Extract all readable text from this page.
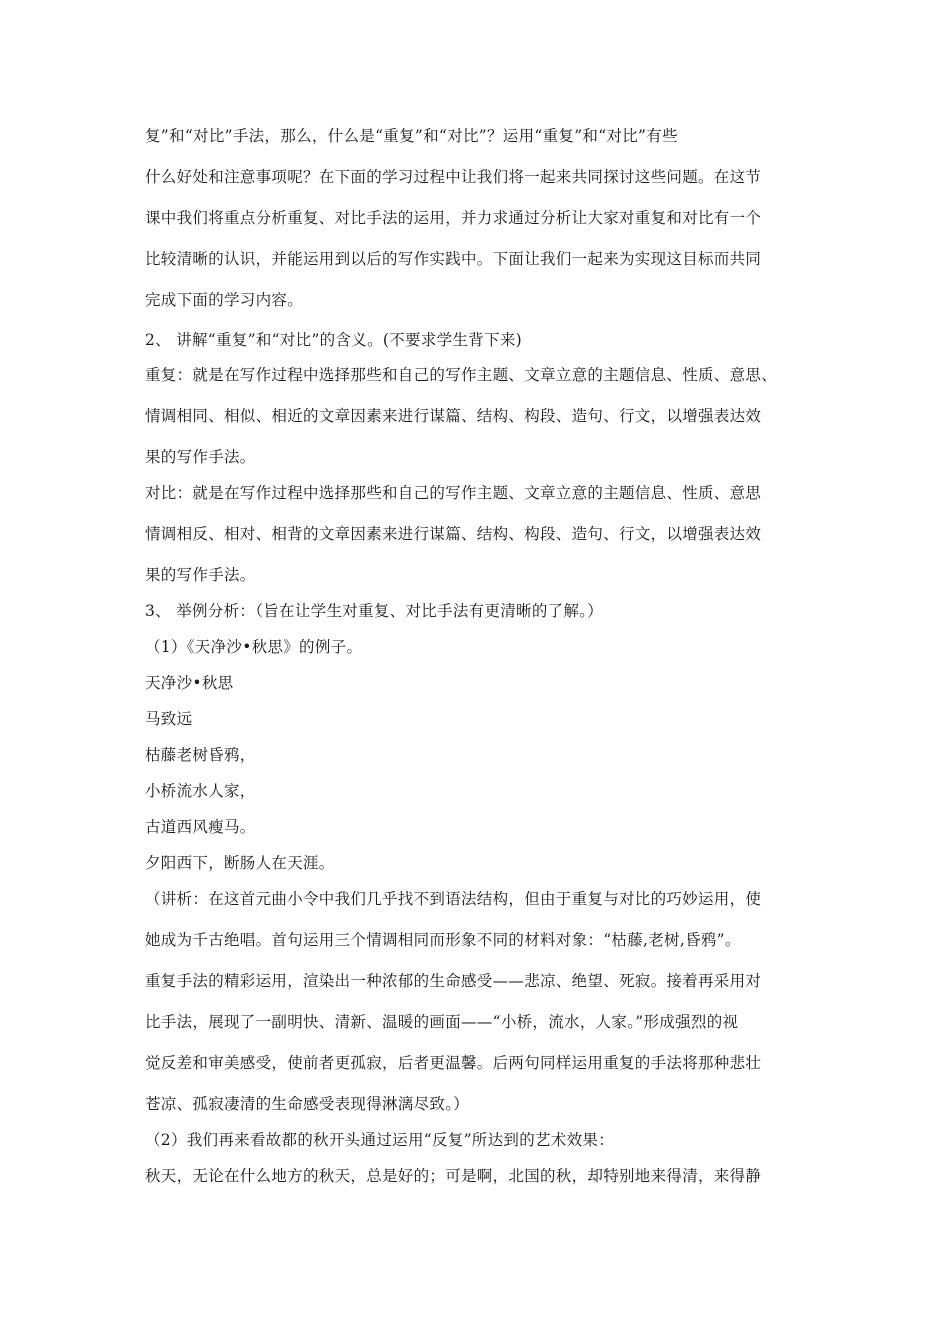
复”和“对比”手法，那么，什么是“重复”和“对比”？运用“重复”和“对比”有些
什么好处和注意事项呢？在下面的学习过程中让我们将一起来共同探讨这些问题。在这节
课中我们将重点分析重复、对比手法的运用，并力求通过分析让大家对重复和对比有一个
比较清晰的认识，并能运用到以后的写作实践中。下面让我们一起来为实现这目标而共同
完成下面的学习内容。
2、 讲解“重复”和“对比”的含义。(不要求学生背下来)
重复：就是在写作过程中选择那些和自己的写作主题、文章立意的主题信息、性质、意思、
情调相同、相似、相近的文章因素来进行谋篇、结构、构段、造句、行文，以增强表达效
果的写作手法。
对比：就是在写作过程中选择那些和自己的写作主题、文章立意的主题信息、性质、意思
情调相反、相对、相背的文章因素来进行谋篇、结构、构段、造句、行文，以增强表达效
果的写作手法。
3、 举例分析：（旨在让学生对重复、对比手法有更清晰的了解。）
（1）《天净沙•秋思》的例子。
天净沙•秋思
马致远
枯藤老树昏鸦，
小桥流水人家，
古道西风瘦马。
夕阳西下，断肠人在天涯。
（讲析：在这首元曲小令中我们几乎找不到语法结构，但由于重复与对比的巧妙运用，使
她成为千古绝唱。首句运用三个情调相同而形象不同的材料对象：“枯藤,老树,昏鸦”。
重复手法的精彩运用，渲染出一种浓郁的生命感受——悲凉、绝望、死寂。接着再采用对
比手法，展现了一副明快、清新、温暖的画面——“小桥，流水，人家。”形成强烈的视
觉反差和审美感受，使前者更孤寂，后者更温馨。后两句同样运用重复的手法将那种悲壮
苍凉、孤寂凄清的生命感受表现得淋漓尽致。）
（2）我们再来看故都的秋开头通过运用“反复”所达到的艺术效果：
秋天，无论在什么地方的秋天，总是好的；可是啊，北国的秋，却特别地来得清，来得静
